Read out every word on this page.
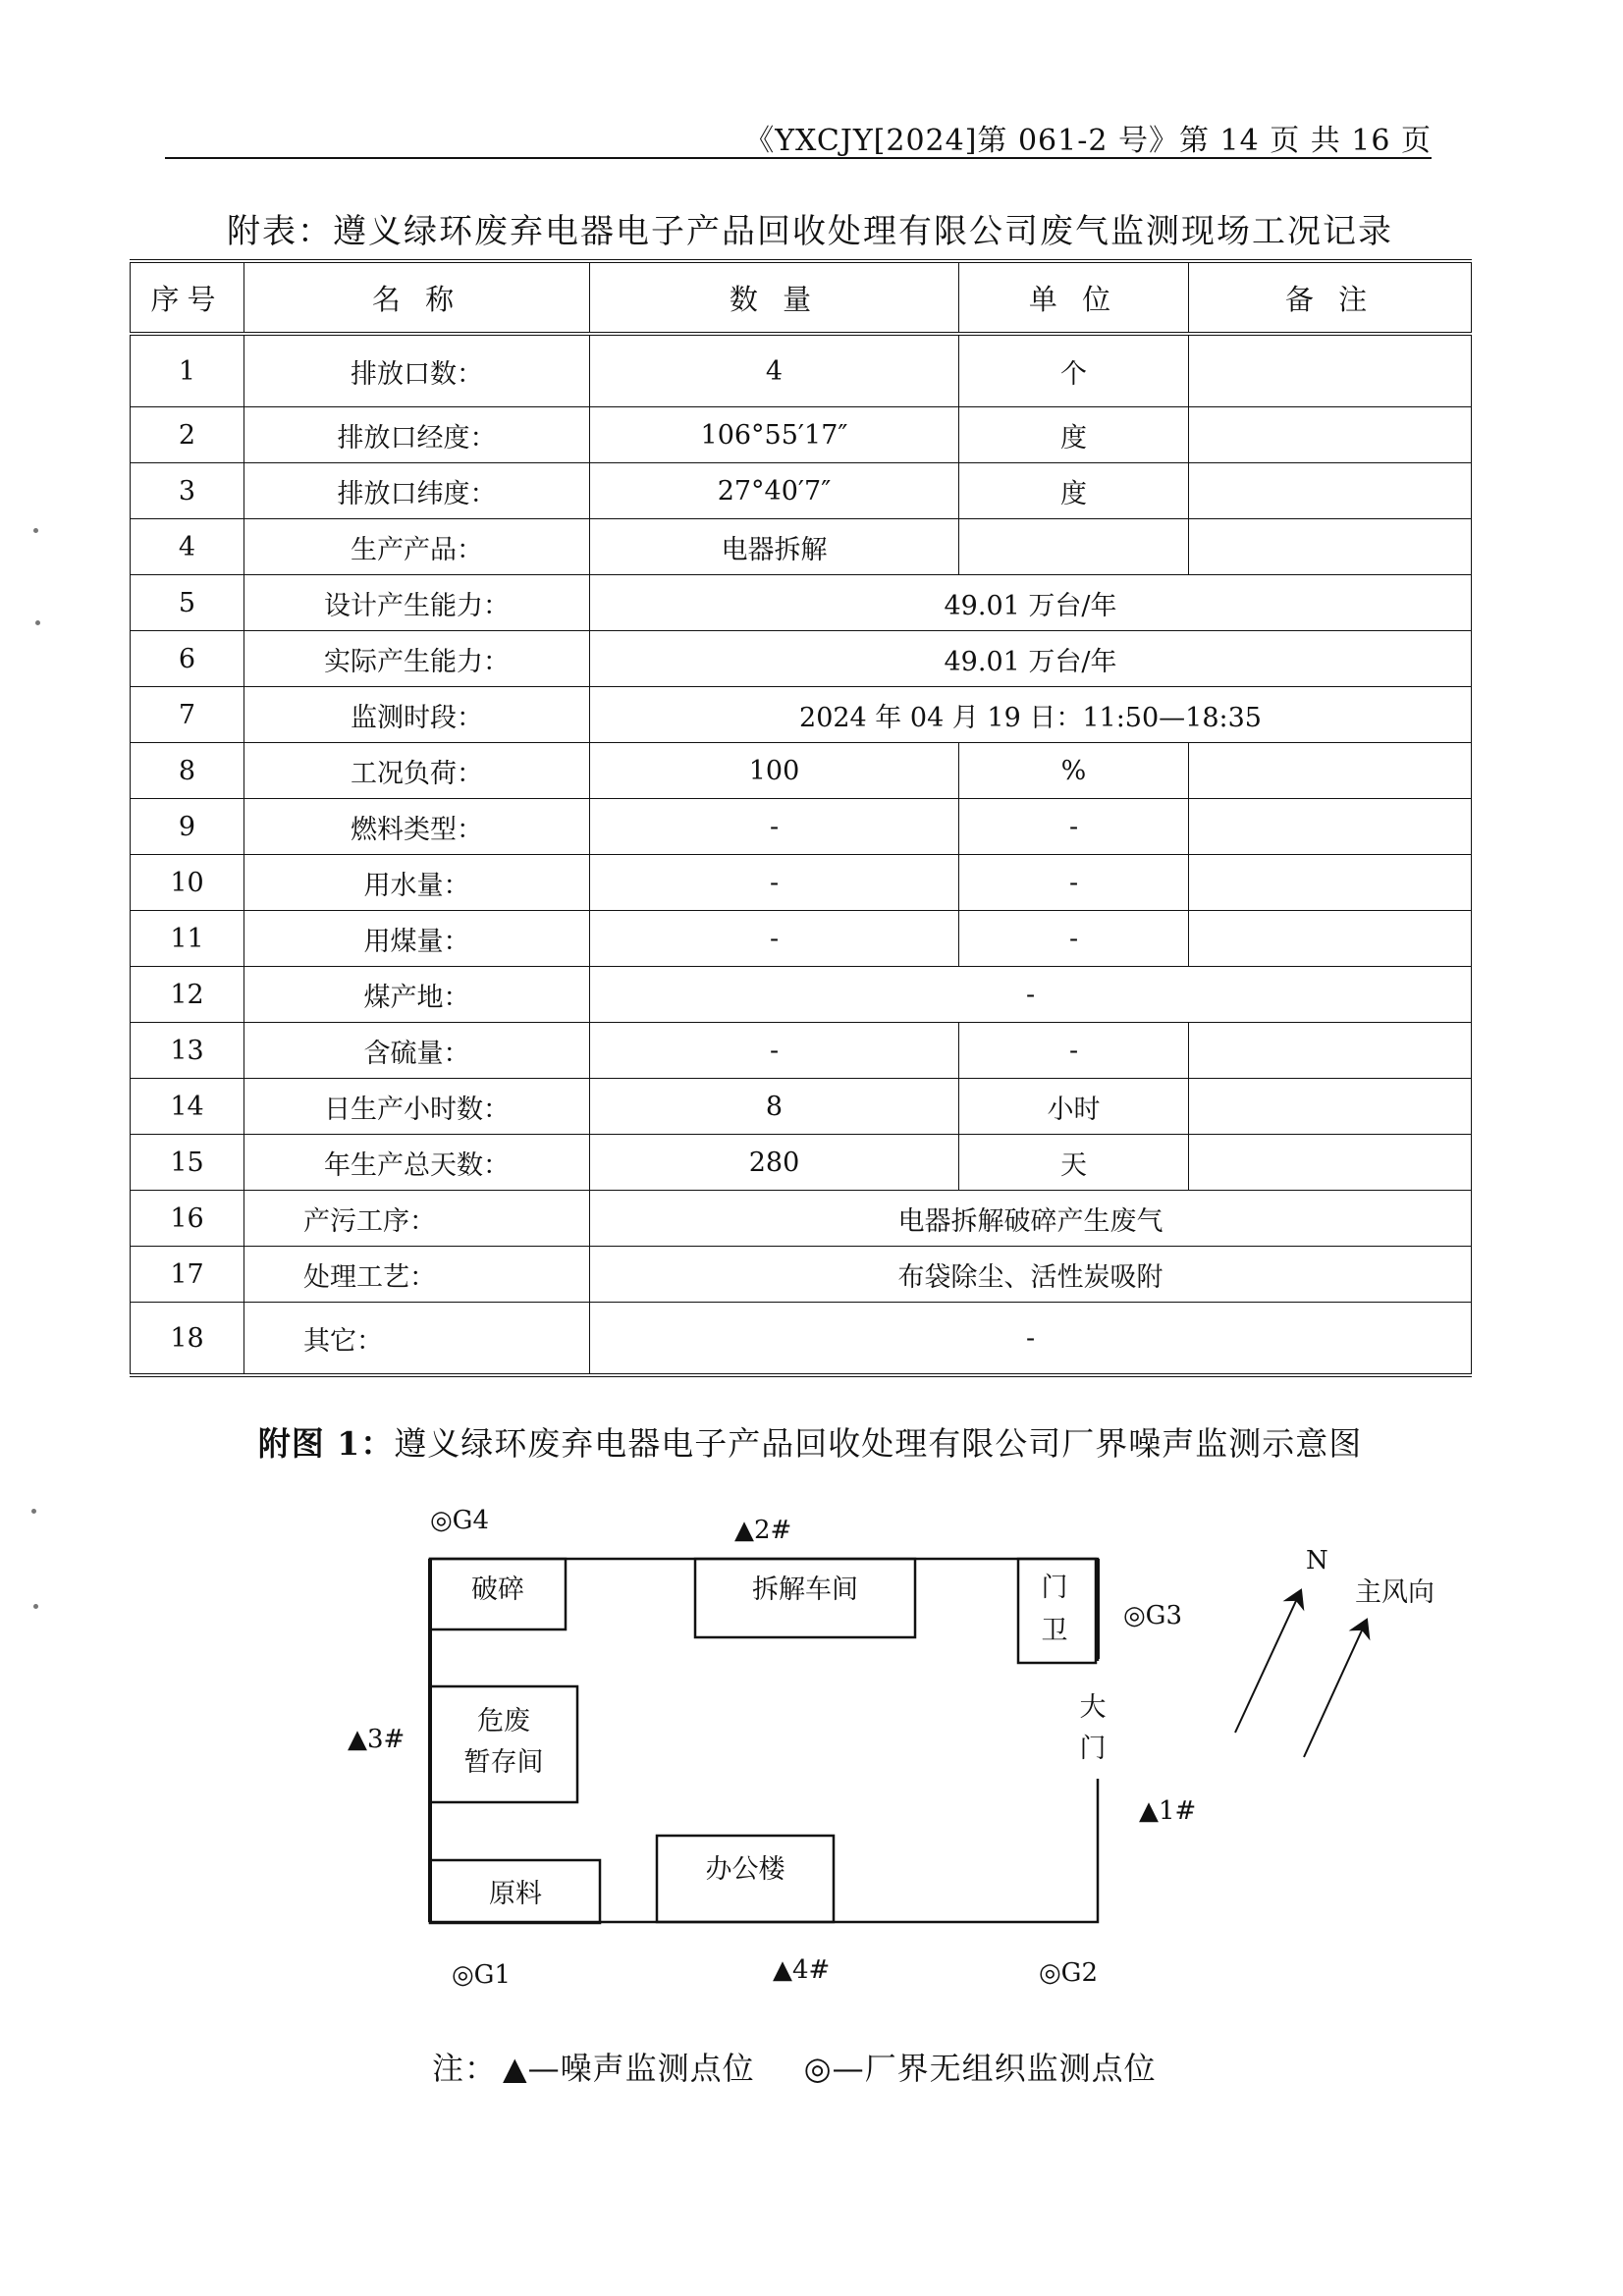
《YXCJY[2024]第 061-2 号》第 14 页 共 16 页
附表：遵义绿环废弃电器电子产品回收处理有限公司废气监测现场工况记录
序号	名 称	数 量	单 位	备 注
1	排放口数：	4	个	
2	排放口经度：	106°55′17″	度	
3	排放口纬度：	27°40′7″	度	
4	生产产品：	电器拆解		
5	设计产生能力：	49.01 万台/年		
6	实际产生能力：	49.01 万台/年		
7	监测时段：	2024 年 04 月 19 日：11:50—18:35		
8	工况负荷：	100	%	
9	燃料类型：	-	-	
10	用水量：	-	-	
11	用煤量：	-	-	
12	煤产地：	-		
13	含硫量：	-	-	
14	日生产小时数：	8	小时	
15	年生产总天数：	280	天	
16	产污工序：	电器拆解破碎产生废气		
17	处理工艺：	布袋除尘、活性炭吸附		
18	其它：	-		
附图 1：遵义绿环废弃电器电子产品回收处理有限公司厂界噪声监测示意图
破碎	拆解车间	门
卫
危废
暂存间
大
门
原料
办公楼
◎G4	▲2#
◎G3
▲3#
▲1#
◎G1	▲4#	◎G2
N
主风向
注： ▲—噪声监测点位 ◎—厂界无组织监测点位
